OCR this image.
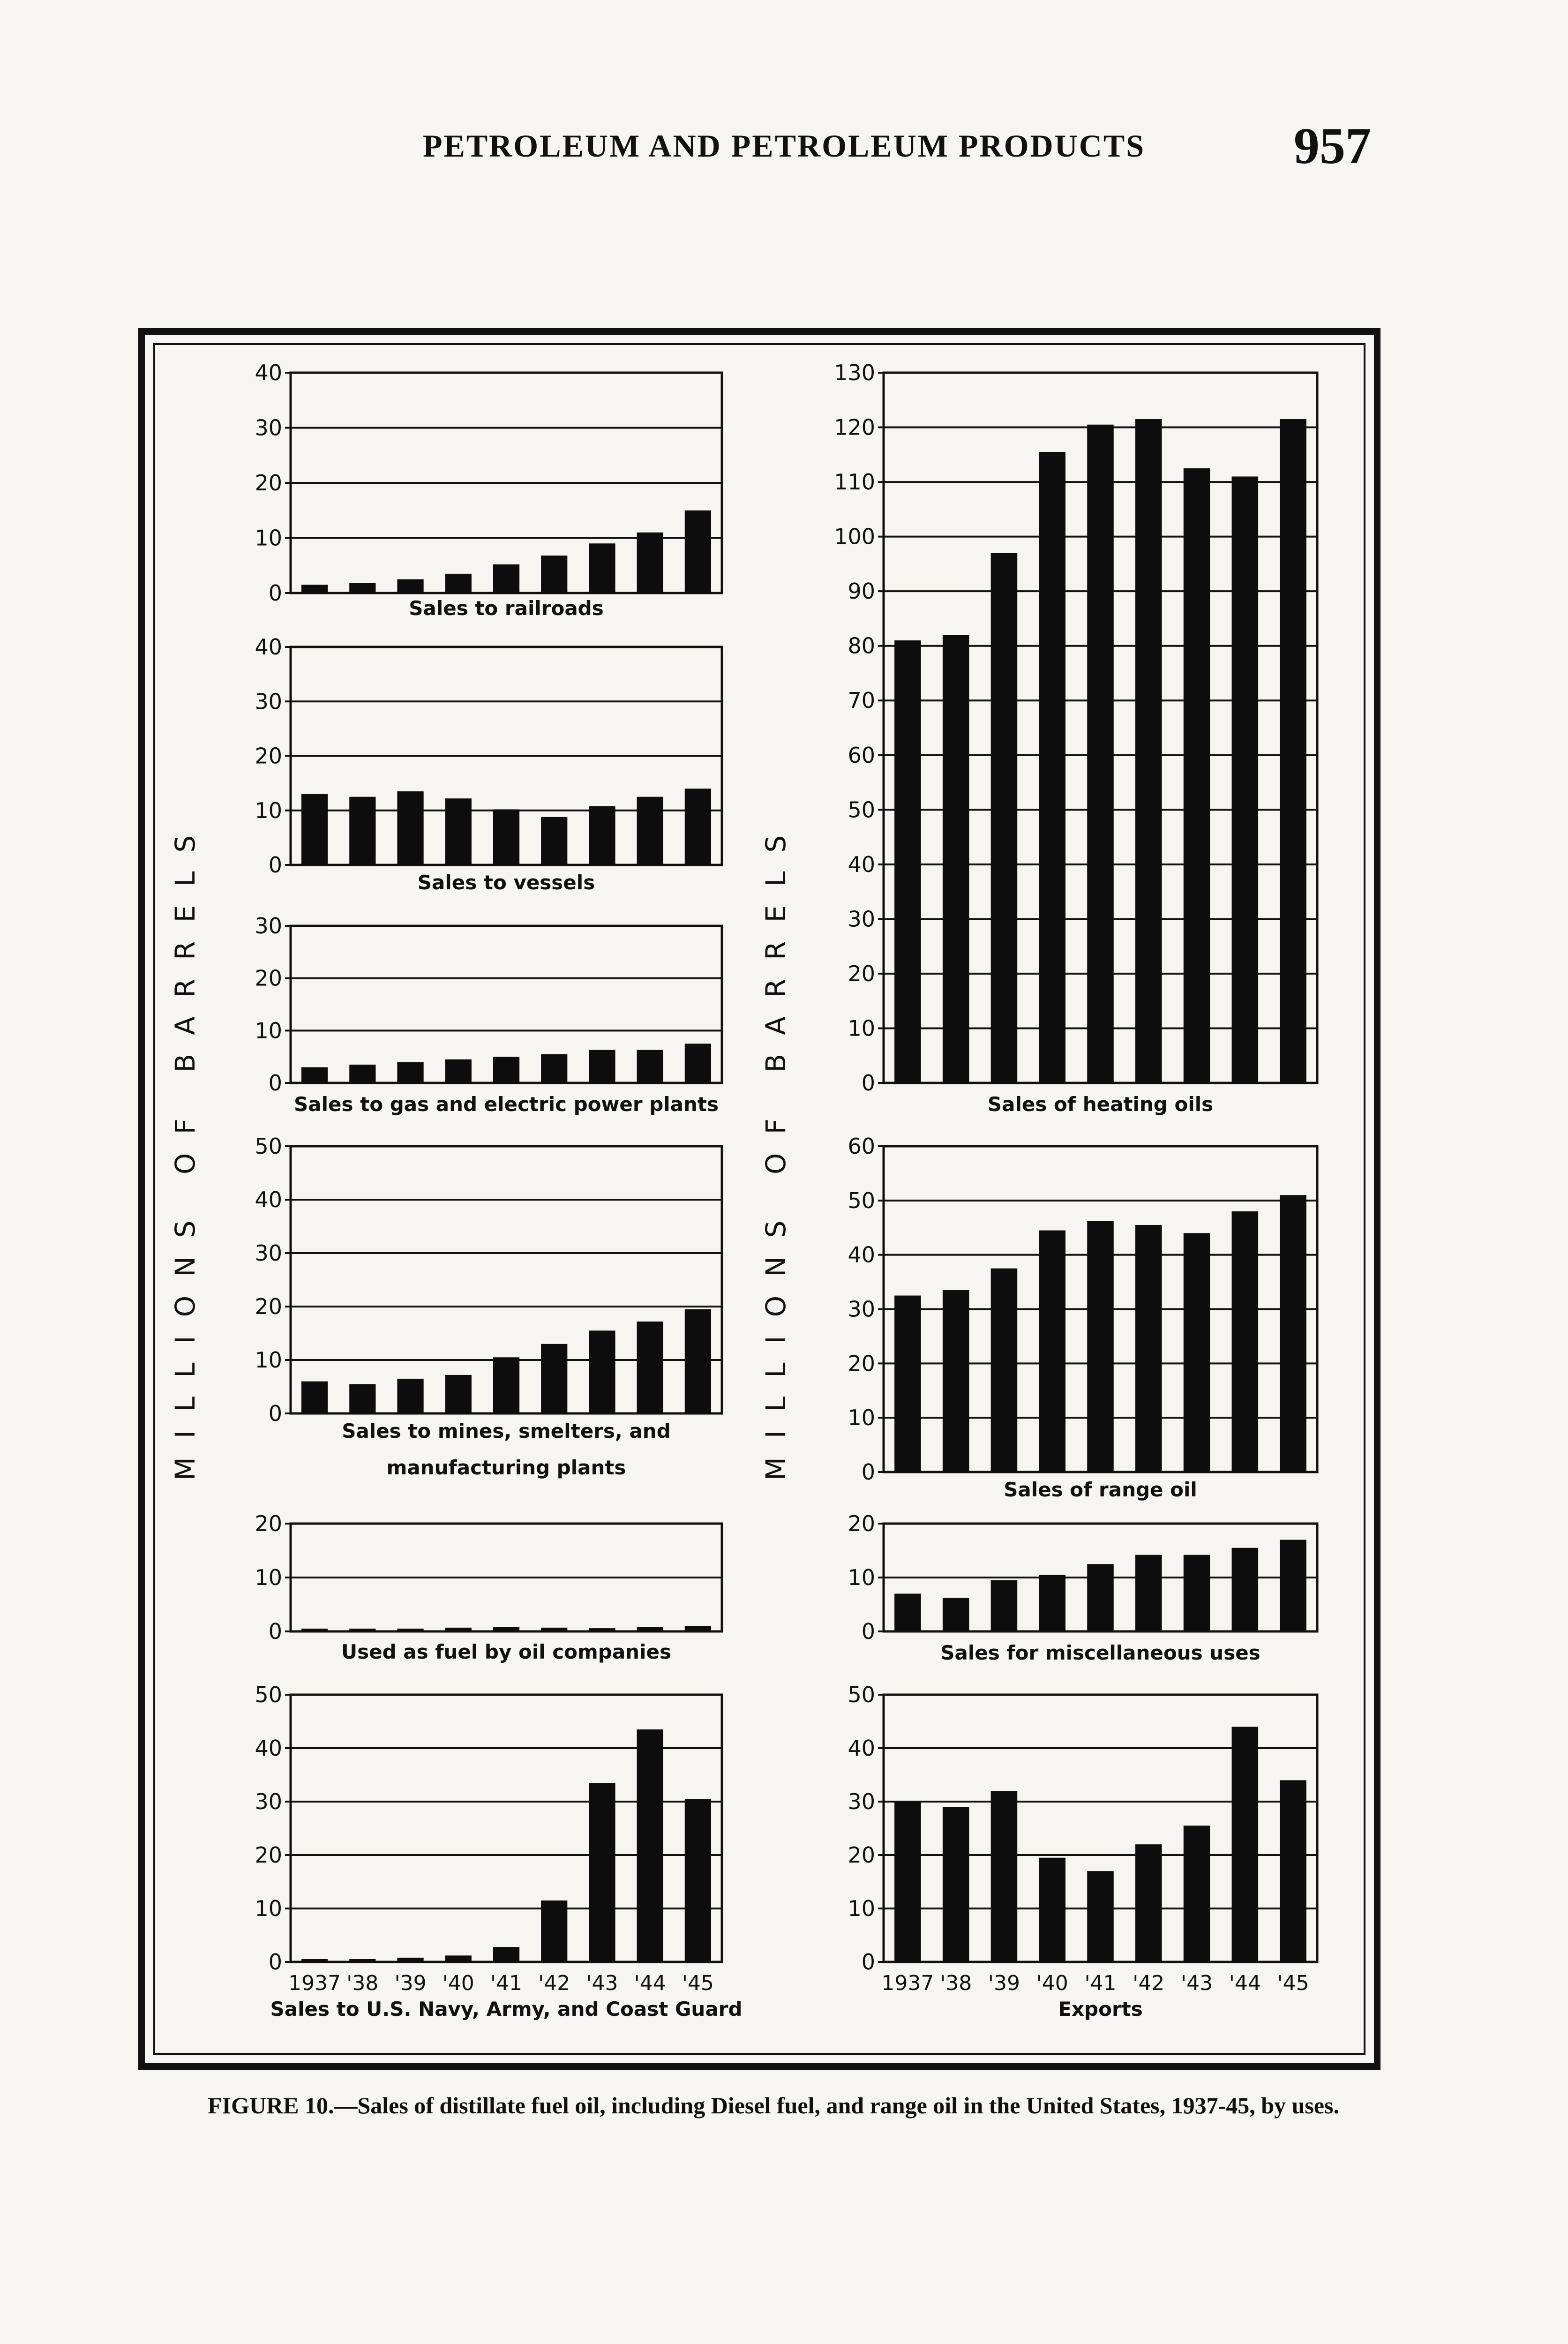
PETROLEUM AND PETROLEUM PRODUCTS	957
0
10
20
30
40
Sales to railroads
0
10
20
30
40
Sales to vessels
0
10
20
30
Sales to gas and electric power plants
0
10
20
30
40
50
Sales to mines, smelters, and
manufacturing plants
0
10
20
Used as fuel by oil companies
0
10
20
30
40
50
1937 '38 '39 '40 '41 '42 '43 '44 '45
Sales to U.S. Navy, Army, and Coast Guard
0
10
20
30
40
50
60
70
80
90
100
110
120
130
Sales of heating oils
0
10
20
30
40
50
60
Sales of range oil
0
10
20
Sales for miscellaneous uses
0
10
20
30
40
50
1937 '38 '39 '40 '41 '42 '43 '44 '45
Exports
MILLIONS OF BARRELS	MILLIONS OF BARRELS
FIGURE 10.—Sales of distillate fuel oil, including Diesel fuel, and range oil in the United States, 1937-45, by uses.
